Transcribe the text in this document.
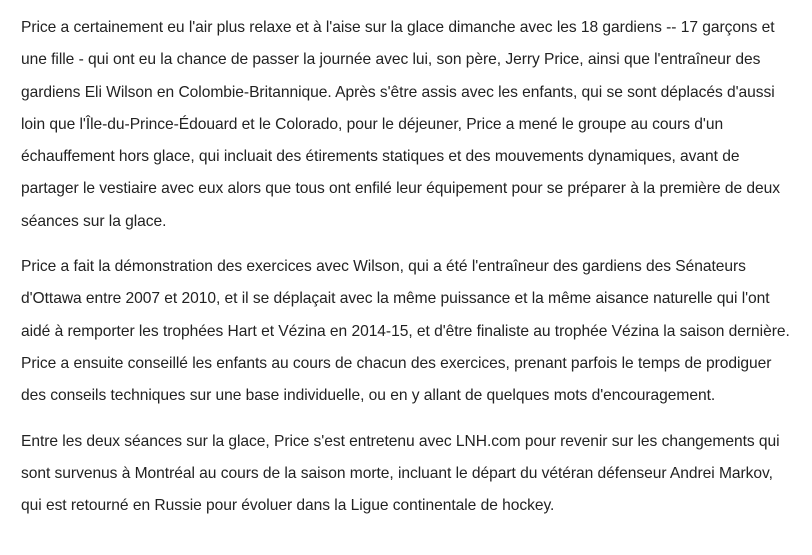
Price a certainement eu l'air plus relaxe et à l'aise sur la glace dimanche avec les 18 gardiens -- 17 garçons et une fille - qui ont eu la chance de passer la journée avec lui, son père, Jerry Price, ainsi que l'entraîneur des gardiens Eli Wilson en Colombie-Britannique. Après s'être assis avec les enfants, qui se sont déplacés d'aussi loin que l'Île-du-Prince-Édouard et le Colorado, pour le déjeuner, Price a mené le groupe au cours d'un échauffement hors glace, qui incluait des étirements statiques et des mouvements dynamiques, avant de partager le vestiaire avec eux alors que tous ont enfilé leur équipement pour se préparer à la première de deux séances sur la glace.

Price a fait la démonstration des exercices avec Wilson, qui a été l'entraîneur des gardiens des Sénateurs d'Ottawa entre 2007 et 2010, et il se déplaçait avec la même puissance et la même aisance naturelle qui l'ont aidé à remporter les trophées Hart et Vézina en 2014-15, et d'être finaliste au trophée Vézina la saison dernière. Price a ensuite conseillé les enfants au cours de chacun des exercices, prenant parfois le temps de prodiguer des conseils techniques sur une base individuelle, ou en y allant de quelques mots d'encouragement.

Entre les deux séances sur la glace, Price s'est entretenu avec LNH.com pour revenir sur les changements qui sont survenus à Montréal au cours de la saison morte, incluant le départ du vétéran défenseur Andrei Markov, qui est retourné en Russie pour évoluer dans la Ligue continentale de hockey.
